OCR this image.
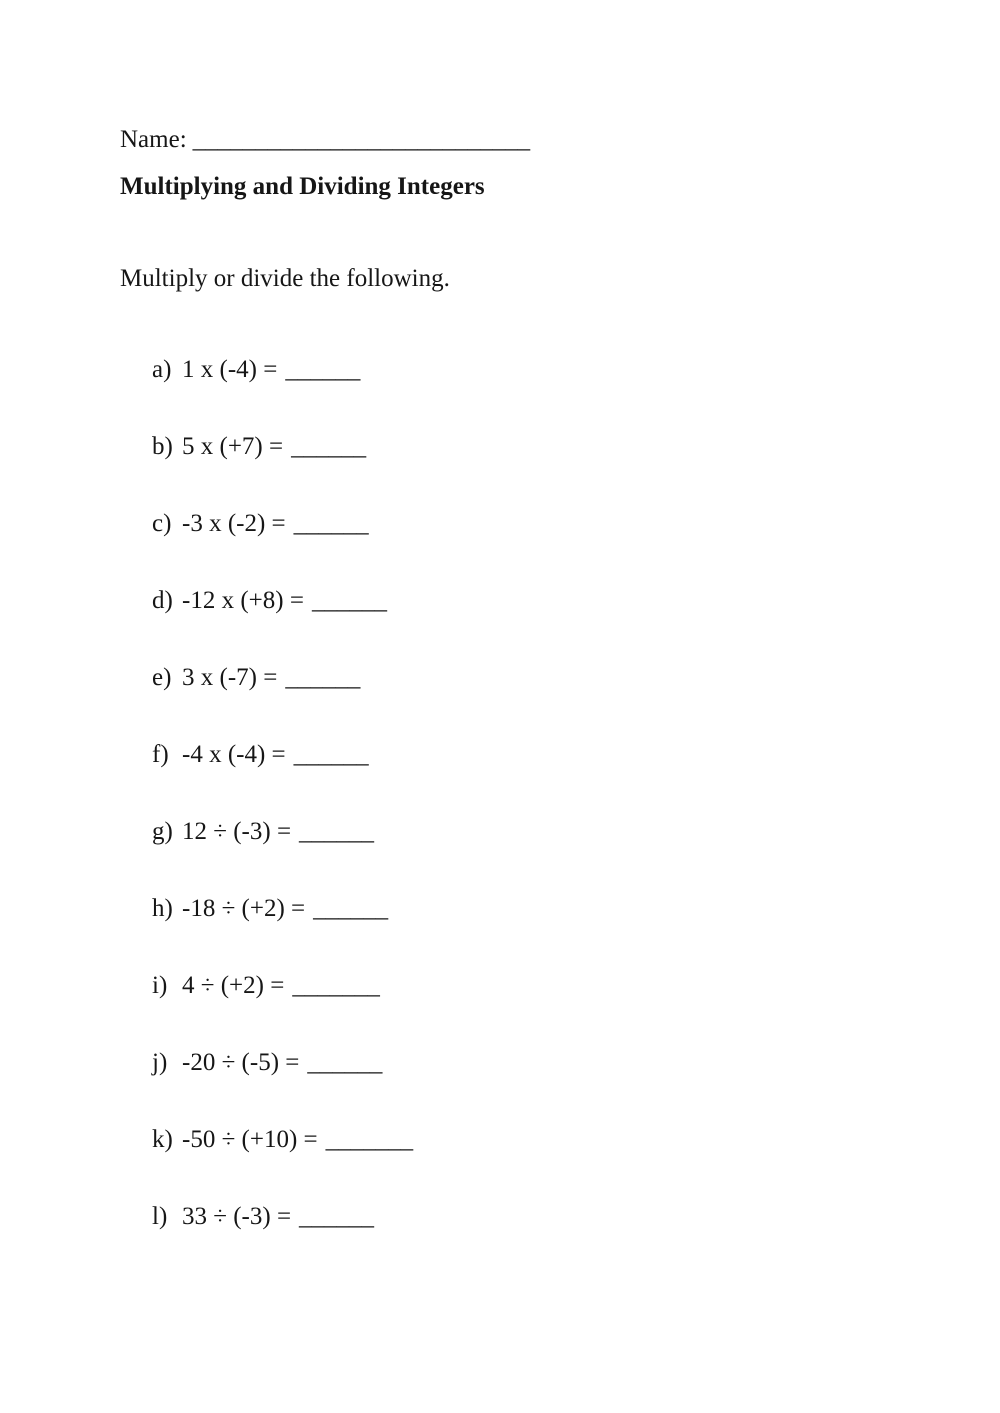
Name: ___________________________
Multiplying and Dividing Integers
Multiply or divide the following.
a) 1 x (-4) = ______
b) 5 x (+7) = ______
c) -3 x (-2) = ______
d) -12 x (+8) = ______
e) 3 x (-7) = ______
f) -4 x (-4) = ______
g) 12 ÷ (-3) = ______
h) -18 ÷ (+2) = ______
i) 4 ÷ (+2) = _______
j) -20 ÷ (-5) = ______
k) -50 ÷ (+10) = _______
l) 33 ÷ (-3) = ______
